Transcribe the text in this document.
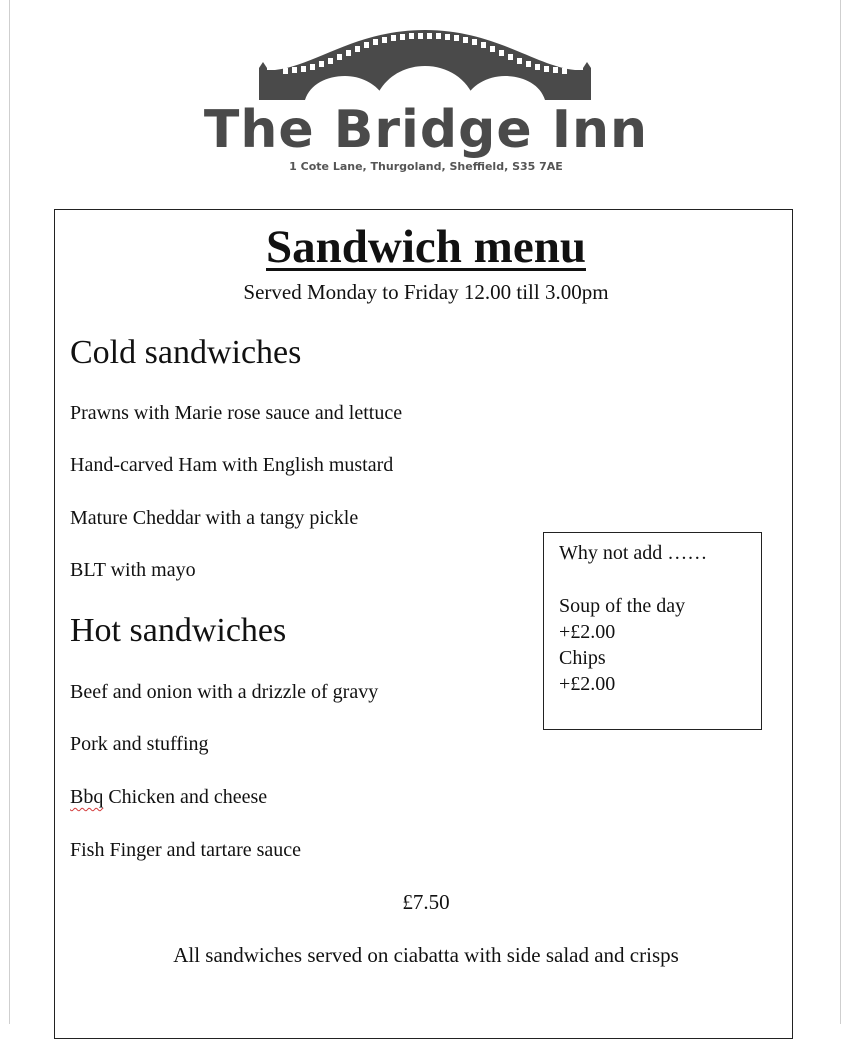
The Bridge Inn
1 Cote Lane, Thurgoland, Sheffield, S35 7AE
Sandwich menu
Served Monday to Friday 12.00 till 3.00pm
Cold sandwiches
Prawns with Marie rose sauce and lettuce
Hand-carved Ham with English mustard
Mature Cheddar with a tangy pickle
BLT with mayo
Hot sandwiches
Beef and onion with a drizzle of gravy
Pork and stuffing
Bbq Chicken and cheese
Fish Finger and tartare sauce
Why not add ……
Soup of the day
+£2.00
Chips
+£2.00
£7.50
All sandwiches served on ciabatta with side salad and crisps
